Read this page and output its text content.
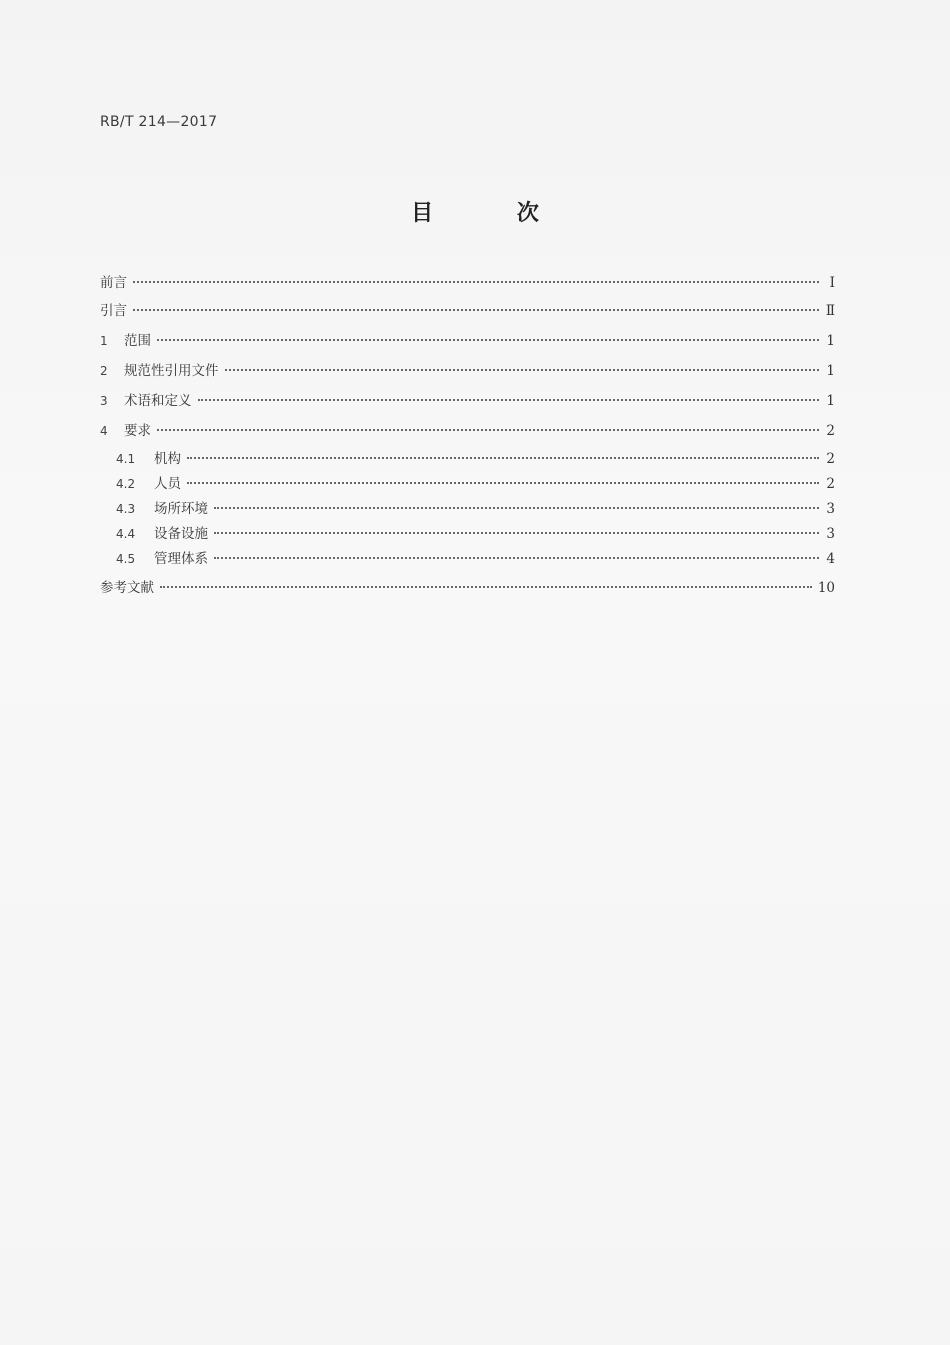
RB/T 214—2017
目 次
前言	Ⅰ
引言	Ⅱ
1	范围	1
2	规范性引用文件	1
3	术语和定义	1
4	要求	2
4.1	机构	2
4.2	人员	2
4.3	场所环境	3
4.4	设备设施	3
4.5	管理体系	4
参考文献	10
